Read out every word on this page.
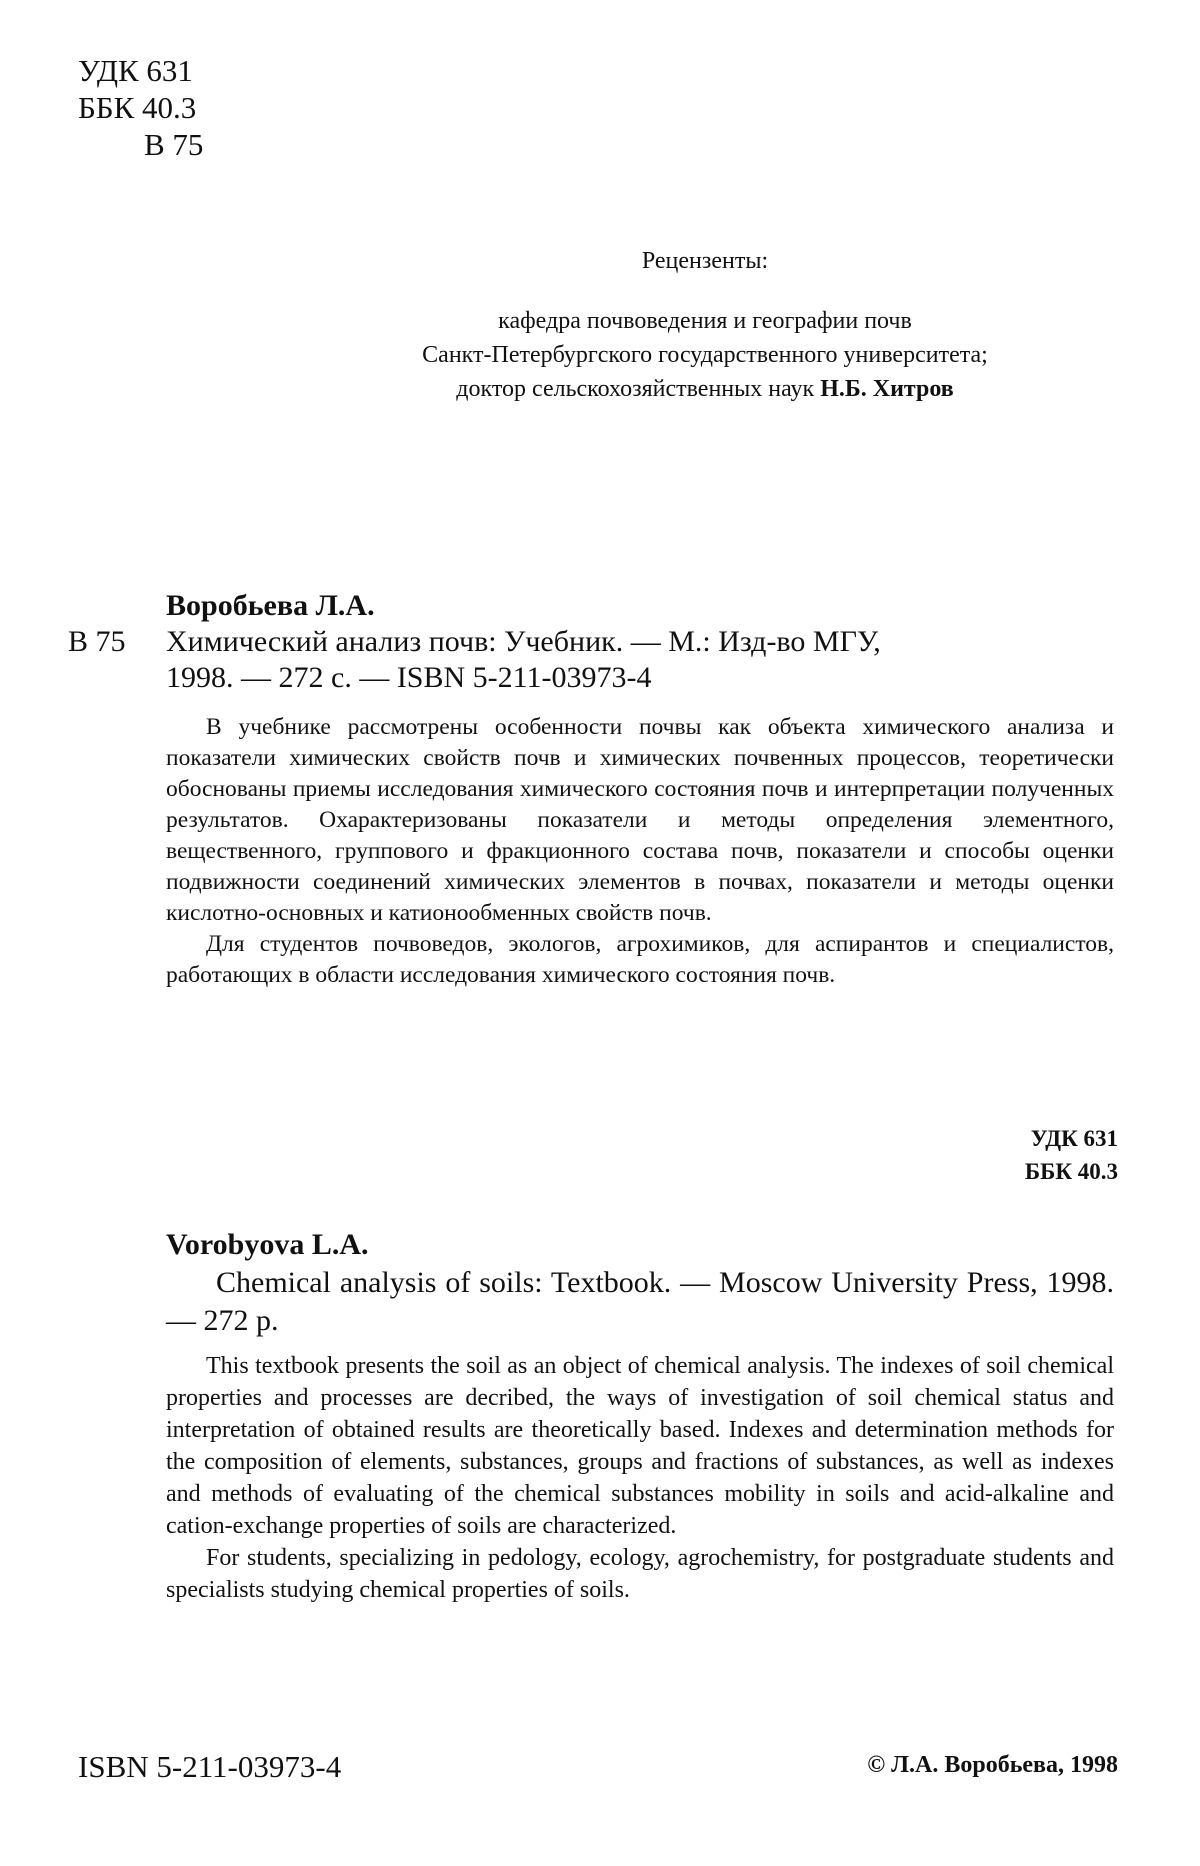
УДК 631
ББК 40.3
В 75
Рецензенты:
кафедра почвоведения и географии почв
Санкт-Петербургского государственного университета;
доктор сельскохозяйственных наук Н.Б. Хитров
Воробьева Л.А.
В 75 Химический анализ почв: Учебник. — М.: Изд-во МГУ,
1998. — 272 с. — ISBN 5-211-03973-4

В учебнике рассмотрены особенности почвы как объекта химического анализа и показатели химических свойств почв и химических почвенных процессов, теоретически обоснованы приемы исследования химического состояния почв и интерпретации полученных результатов. Охарактеризованы показатели и методы определения элементного, вещественного, группового и фракционного состава почв, показатели и способы оценки подвижности соединений химических элементов в почвах, показатели и методы оценки кислотно-основных и катионообменных свойств почв.

Для студентов почвоведов, экологов, агрохимиков, для аспирантов и специалистов, работающих в области исследования химического состояния почв.

УДК 631
ББК 40.3
Vorobyova L.A.
Chemical analysis of soils: Textbook. — Moscow University Press, 1998. — 272 p.

This textbook presents the soil as an object of chemical analysis. The indexes of soil chemical properties and processes are decribed, the ways of investigation of soil chemical status and interpretation of obtained results are theoretically based. Indexes and determination methods for the composition of elements, substances, groups and fractions of substances, as well as indexes and methods of evaluating of the chemical substances mobility in soils and acid-alkaline and cation-exchange properties of soils are characterized.

For students, specializing in pedology, ecology, agrochemistry, for postgraduate students and specialists studying chemical properties of soils.

ISBN 5-211-03973-4	© Л.А. Воробьева, 1998
